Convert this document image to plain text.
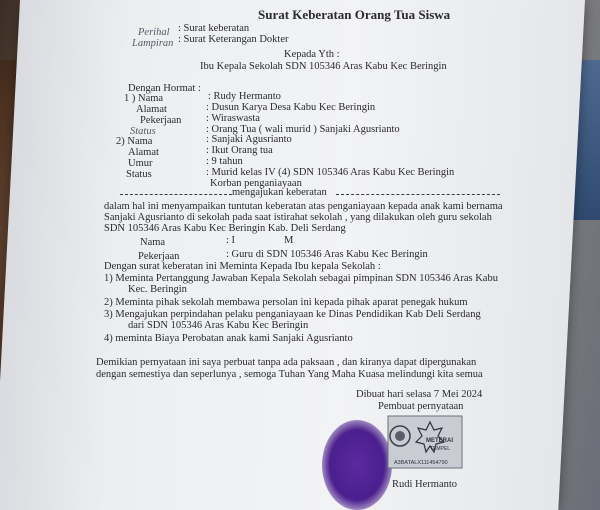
Surat Keberatan Orang Tua Siswa
Perihal : Surat keberatan
Lampiran : Surat Keterangan Dokter
Kepada Yth :
Ibu Kepala Sekolah SDN 105346 Aras Kabu Kec Beringin
Dengan Hormat :
1 ) Nama	: Rudy Hermanto
Alamat	: Dusun Karya Desa Kabu Kec Beringin
Pekerjaan : Wiraswasta
Status	: Orang Tua ( wali murid ) Sanjaki Agusrianto
2) Nama	: Sanjaki Agusrianto
Alamat	: Ikut Orang tua
Umur	: 9 tahun
Status	: Murid kelas IV (4) SDN 105346 Aras Kabu Kec Beringin
Korban penganiayaan
mengajukan keberatan
dalam hal ini menyampaikan tuntutan keberatan atas penganiayaan kepada anak kami bernama
Sanjaki Agusrianto di sekolah pada saat istirahat sekolah , yang dilakukan oleh guru sekolah
SDN 105346 Aras Kabu Kec Beringin Kab. Deli Serdang
Nama	: I	M
Pekerjaan	: Guru di SDN 105346 Aras Kabu Kec Beringin
Dengan surat keberatan ini Meminta Kepada Ibu kepala Sekolah :
1) Meminta Pertanggung Jawaban Kepala Sekolah sebagai pimpinan SDN 105346 Aras Kabu
Kec. Beringin
2) Meminta pihak sekolah membawa persolan ini kepada pihak aparat penegak hukum
3) Mengajukan perpindahan pelaku penganiayaan ke Dinas Pendidikan Kab Deli Serdang
dari SDN 105346 Aras Kabu Kec Beringin
4) meminta Biaya Perobatan anak kami Sanjaki Agusrianto
Demikian pernyataan ini saya perbuat tanpa ada paksaan , dan kiranya dapat dipergunakan
dengan semestiya dan seperlunya , semoga Tuhan Yang Maha Kuasa melindungi kita semua
Dibuat hari selasa 7 Mei 2024
Pembuat pernyataan
METERAI
TEMPEL
A3BATALX111454790
Rudi Hermanto
